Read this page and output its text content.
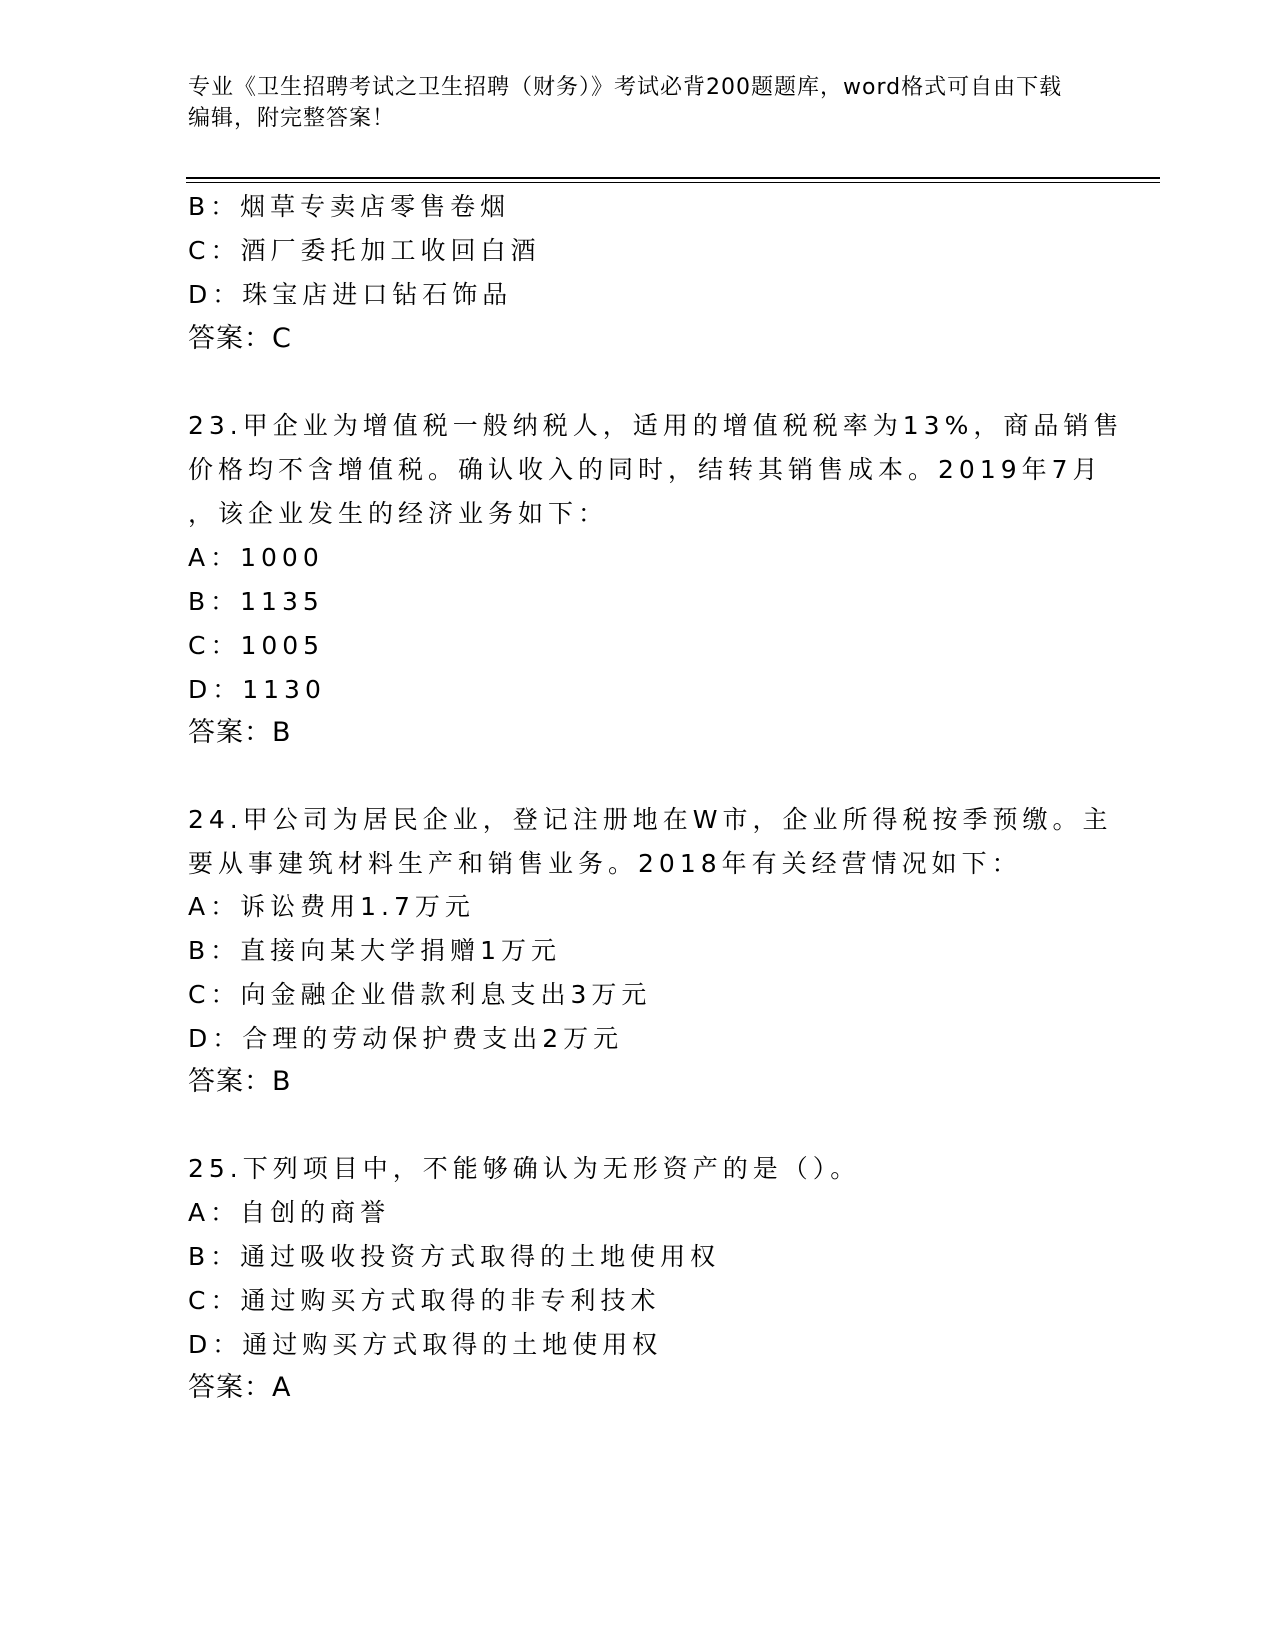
专业《卫生招聘考试之卫生招聘（财务）》考试必背200题题库，word格式可自由下载编辑，附完整答案！
B：烟草专卖店零售卷烟
C：酒厂委托加工收回白酒
D：珠宝店进口钻石饰品
答案：C
23.甲企业为增值税一般纳税人，适用的增值税税率为13%，商品销售
价格均不含增值税。确认收入的同时，结转其销售成本。2019年7月
，该企业发生的经济业务如下：
A：1000
B：1135
C：1005
D：1130
答案：B
24.甲公司为居民企业，登记注册地在W市，企业所得税按季预缴。主
要从事建筑材料生产和销售业务。2018年有关经营情况如下：
A：诉讼费用1.7万元
B：直接向某大学捐赠1万元
C：向金融企业借款利息支出3万元
D：合理的劳动保护费支出2万元
答案：B
25.下列项目中，不能够确认为无形资产的是（）。
A：自创的商誉
B：通过吸收投资方式取得的土地使用权
C：通过购买方式取得的非专利技术
D：通过购买方式取得的土地使用权
答案：A
